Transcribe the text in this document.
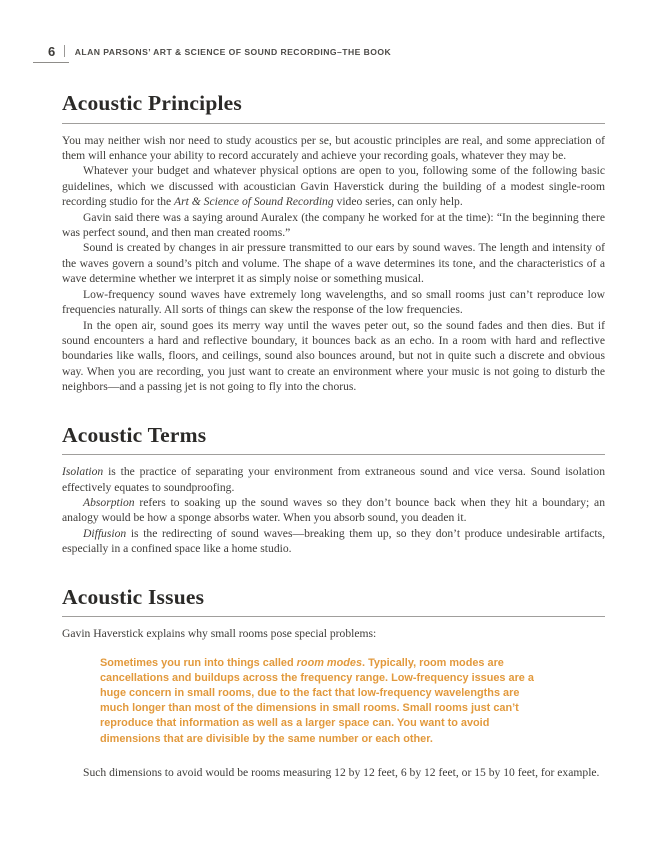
6 ALAN PARSONS’ ART & SCIENCE OF SOUND RECORDING–THE BOOK
Acoustic Principles

You may neither wish nor need to study acoustics per se, but acoustic principles are real, and some appreciation of them will enhance your ability to record accurately and achieve your recording goals, whatever they may be.

Whatever your budget and whatever physical options are open to you, following some of the following basic guidelines, which we discussed with acoustician Gavin Haverstick during the building of a modest single-room recording studio for the Art & Science of Sound Recording video series, can only help.

Gavin said there was a saying around Auralex (the company he worked for at the time): “In the beginning there was perfect sound, and then man created rooms.”

Sound is created by changes in air pressure transmitted to our ears by sound waves. The length and intensity of the waves govern a sound’s pitch and volume. The shape of a wave determines its tone, and the characteristics of a wave determine whether we interpret it as simply noise or something musical.

Low-frequency sound waves have extremely long wavelengths, and so small rooms just can’t reproduce low frequencies naturally. All sorts of things can skew the response of the low frequencies.

In the open air, sound goes its merry way until the waves peter out, so the sound fades and then dies. But if sound encounters a hard and reflective boundary, it bounces back as an echo. In a room with hard and reflective boundaries like walls, floors, and ceilings, sound also bounces around, but not in quite such a discrete and obvious way. When you are recording, you just want to create an environment where your music is not going to disturb the neighbors—and a passing jet is not going to fly into the chorus.

Acoustic Terms

Isolation is the practice of separating your environment from extraneous sound and vice versa. Sound isolation effectively equates to soundproofing.

Absorption refers to soaking up the sound waves so they don’t bounce back when they hit a boundary; an analogy would be how a sponge absorbs water. When you absorb sound, you deaden it.

Diffusion is the redirecting of sound waves—breaking them up, so they don’t produce undesirable artifacts, especially in a confined space like a home studio.

Acoustic Issues

Gavin Haverstick explains why small rooms pose special problems:

Sometimes you run into things called room modes. Typically, room modes are cancellations and buildups across the frequency range. Low-frequency issues are a huge concern in small rooms, due to the fact that low-frequency wavelengths are much longer than most of the dimensions in small rooms. Small rooms just can’t reproduce that information as well as a larger space can. You want to avoid dimensions that are divisible by the same number or each other.

Such dimensions to avoid would be rooms measuring 12 by 12 feet, 6 by 12 feet, or 15 by 10 feet, for example.
